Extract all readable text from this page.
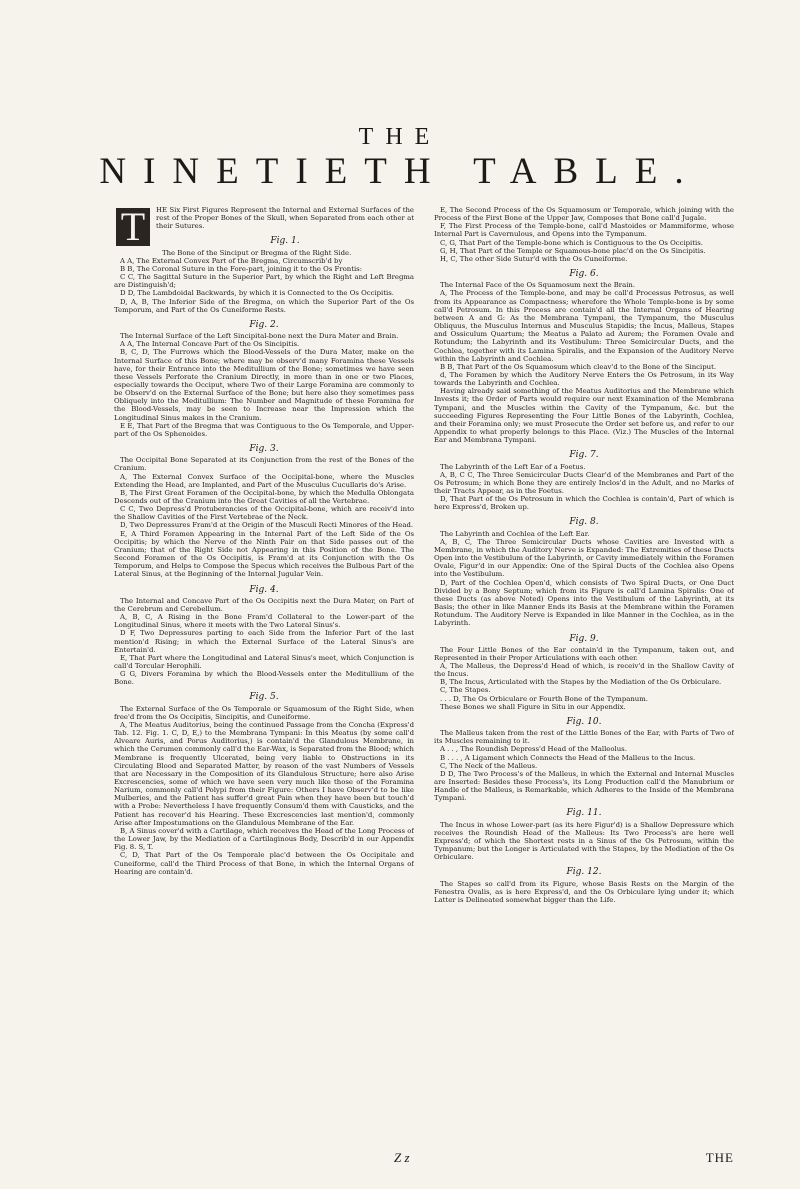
THE
NINETIETH TABLE.

T	HE Six First Figures Represent the Internal and External Surfaces of the rest of the Proper Bones of the Skull, when Separated from each other at their Sutures.

Fig. 1.

The Bone of the Sinciput or Bregma of the Right Side.

A A, The External Convex Part of the Bregma, Circumscrib'd by

B B, The Coronal Suture in the Fore-part, joining it to the Os Frontis:

C C, The Sagittal Suture in the Superior Part, by which the Right and Left Bregma are Distinguish'd;

D D, The Lambdoidal Backwards, by which it is Connected to the Os Occipitis.

D, A, B, The Inferior Side of the Bregma, on which the Superior Part of the Os Temporum, and Part of the Os Cuneiforme Rests.

Fig. 2.

The Internal Surface of the Left Sincipital-bone next the Dura Mater and Brain.

A A, The Internal Concave Part of the Os Sincipitis.

B, C, D, The Furrows which the Blood-Vessels of the Dura Mater, make on the Internal Surface of this Bone; where may be observ'd many Foramina these Vessels have, for their Entrance into the Meditullium of the Bone; sometimes we have seen these Vessels Perforate the Cranium Directly, in more than in one or two Places, especially towards the Occiput, where Two of their Large Foramina are commonly to be Observ'd on the External Surface of the Bone; but here also they sometimes pass Obliquely into the Meditullium: The Number and Magnitude of these Foramina for the Blood-Vessels, may be seen to Increase near the Impression which the Longitudinal Sinus makes in the Cranium.

E E, That Part of the Bregma that was Contiguous to the Os Temporale, and Upper-part of the Os Sphenoides.

Fig. 3.

The Occipital Bone Separated at its Conjunction from the rest of the Bones of the Cranium.

A, The External Convex Surface of the Occipital-bone, where the Muscles Extending the Head, are Implanted, and Part of the Musculus Cucullaris do's Arise.

B, The First Great Foramen of the Occipital-bone, by which the Medulla Oblongata Descends out of the Cranium into the Great Cavities of all the Vertebrae.

C C, Two Depress'd Protuberancies of the Occipital-bone, which are receiv'd into the Shallow Cavities of the First Vertebrae of the Neck.

D, Two Depressures Fram'd at the Origin of the Musculi Recti Minores of the Head.

E, A Third Foramen Appearing in the Internal Part of the Left Side of the Os Occipitis; by which the Nerve of the Ninth Pair on that Side passes out of the Cranium; that of the Right Side not Appearing in this Position of the Bone. The Second Foramen of the Os Occipitis, is Fram'd at its Conjunction with the Os Temporum, and Helps to Compose the Specus which receives the Bulbous Part of the Lateral Sinus, at the Beginning of the Internal Jugular Vein.

Fig. 4.

The Internal and Concave Part of the Os Occipitis next the Dura Mater, on Part of the Cerebrum and Cerebellum.

A, B, C, A Rising in the Bone Fram'd Collateral to the Lower-part of the Longitudinal Sinus, where it meets with the Two Lateral Sinus's.

D F, Two Depressures parting to each Side from the Inferior Part of the last mention'd Rising; in which the External Surface of the Lateral Sinus's are Entertain'd.

E, That Part where the Longitudinal and Lateral Sinus's meet, which Conjunction is call'd Torcular Herophili.

G G, Divers Foramina by which the Blood-Vessels enter the Meditullium of the Bone.

Fig. 5.

The External Surface of the Os Temporale or Squamosum of the Right Side, when free'd from the Os Occipitis, Sincipitis, and Cuneiforme.

A, The Meatus Auditorius, being the continued Passage from the Concha (Express'd Tab. 12. Fig. 1. C, D, E,) to the Membrana Tympani: In this Meatus (by some call'd Alveare Auris, and Porus Auditorius,) is contain'd the Glandulous Membrane, in which the Cerumen commonly call'd the Ear-Wax, is Separated from the Blood; which Membrane is frequently Ulcerated, being very liable to Obstructions in its Circulating Blood and Separated Matter, by reason of the vast Numbers of Vessels that are Necessary in the Composition of its Glandulous Structure; here also Arise Excrescencies, some of which we have seen very much like those of the Foramina Narium, commonly call'd Polypi from their Figure: Others I have Observ'd to be like Mulberies, and the Patient has suffer'd great Pain when they have been but touch'd with a Probe: Nevertheless I have frequently Consum'd them with Causticks, and the Patient has recover'd his Hearing. These Excrescencies last mention'd, commonly Arise after Impostumations on the Glandulous Membrane of the Ear.

B, A Sinus cover'd with a Cartilage, which receives the Head of the Long Process of the Lower Jaw, by the Mediation of a Cartilaginous Body, Describ'd in our Appendix Fig. 8. S, T.

C, D, That Part of the Os Temporale plac'd between the Os Occipitale and Cuneiforme, call'd the Third Process of that Bone, in which the Internal Organs of Hearing are contain'd.

E, The Second Process of the Os Squamosum or Temporale, which joining with the Process of the First Bone of the Upper Jaw, Composes that Bone call'd Jugale.

F, The First Process of the Temple-bone, call'd Mastoides or Mammiforme, whose Internal Part is Cavernulous, and Opens into the Tympanum.

C, G, That Part of the Temple-bone which is Contiguous to the Os Occipitis.

G, H, That Part of the Temple or Squamous-bone plac'd on the Os Sincipitis.

H, C, The other Side Sutur'd with the Os Cuneiforme.

Fig. 6.

The Internal Face of the Os Squamosum next the Brain.

A, The Process of the Temple-bone, and may be call'd Processus Petrosus, as well from its Appearance as Compactness; wherefore the Whole Temple-bone is by some call'd Petrosum. In this Process are contain'd all the Internal Organs of Hearing between A and G: As the Membrana Tympani, the Tympanum, the Musculus Obliquus, the Musculus Internus and Musculus Stapidis; the Incus, Malleus, Stapes and Ossiculum Quartum; the Meatus a Palato ad Aurem; the Foramen Ovale and Rotundum; the Labyrinth and its Vestibulum: Three Semicircular Ducts, and the Cochlea, together with its Lamina Spiralis, and the Expansion of the Auditory Nerve within the Labyrinth and Cochlea.

B B, That Part of the Os Squamosum which cleav'd to the Bone of the Sinciput.

d, The Foramen by which the Auditory Nerve Enters the Os Petrosum, in its Way towards the Labyrinth and Cochlea.

Having already said something of the Meatus Auditorius and the Membrane which Invests it; the Order of Parts would require our next Examination of the Membrana Tympani, and the Muscles within the Cavity of the Tympanum, &c. but the succeeding Figures Representing the Four Little Bones of the Labyrinth, Cochlea, and their Foramina only; we must Prosecute the Order set before us, and refer to our Appendix to what properly belongs to this Place. (Viz.) The Muscles of the Internal Ear and Membrana Tympani.

Fig. 7.

The Labyrinth of the Left Ear of a Foetus.

A, B, C C, The Three Semicircular Ducts Clear'd of the Membranes and Part of the Os Petrosum; in which Bone they are entirely Inclos'd in the Adult, and no Marks of their Tracts Appear, as in the Foetus.

D, That Part of the Os Petrosum in which the Cochlea is contain'd, Part of which is here Express'd, Broken up.

Fig. 8.

The Labyrinth and Cochlea of the Left Ear.

A, B, C, The Three Semicircular Ducts whose Cavities are Invested with a Membrane, in which the Auditory Nerve is Expanded: The Extremities of these Ducts Open into the Vestibulum of the Labyrinth, or Cavity immediately within the Foramen Ovale, Figur'd in our Appendix: One of the Spiral Ducts of the Cochlea also Opens into the Vestibulum.

D, Part of the Cochlea Open'd, which consists of Two Spiral Ducts, or One Duct Divided by a Bony Septum; which from its Figure is call'd Lamina Spiralis: One of these Ducts (as above Noted) Opens into the Vestibulum of the Labyrinth, at its Basis; the other in like Manner Ends its Basis at the Membrane within the Foramen Rotundum. The Auditory Nerve is Expanded in like Manner in the Cochlea, as in the Labyrinth.

Fig. 9.

The Four Little Bones of the Ear contain'd in the Tympanum, taken out, and Represented in their Proper Articulations with each other.

A, The Malleus, the Depress'd Head of which, is receiv'd in the Shallow Cavity of the Incus.

B, The Incus, Articulated with the Stapes by the Mediation of the Os Orbiculare.

C, The Stapes.

. . . D, The Os Orbiculare or Fourth Bone of the Tympanum.

These Bones we shall Figure in Situ in our Appendix.

Fig. 10.

The Malleus taken from the rest of the Little Bones of the Ear, with Parts of Two of its Muscles remaining to it.

A . . , The Roundish Depress'd Head of the Malleolus.

B . . . , A Ligament which Connects the Head of the Malleus to the Incus.

C, The Neck of the Malleus.

D D, The Two Process's of the Malleus, in which the External and Internal Muscles are Inserted: Besides these Process's, its Long Production call'd the Manubrium or Handle of the Malleus, is Remarkable, which Adheres to the Inside of the Membrana Tympani.

Fig. 11.

The Incus in whose Lower-part (as its here Figur'd) is a Shallow Depressure which receives the Roundish Head of the Malleus: Its Two Process's are here well Express'd; of which the Shortest rests in a Sinus of the Os Petrosum, within the Tympanum; but the Longer is Articulated with the Stapes, by the Mediation of the Os Orbiculare.

Fig. 12.

The Stapes so call'd from its Figure, whose Basis Rests on the Margin of the Fenestra Ovalis, as is here Express'd, and the Os Orbiculare lying under it; which Latter is Delineated somewhat bigger than the Life.

Z z	THE
